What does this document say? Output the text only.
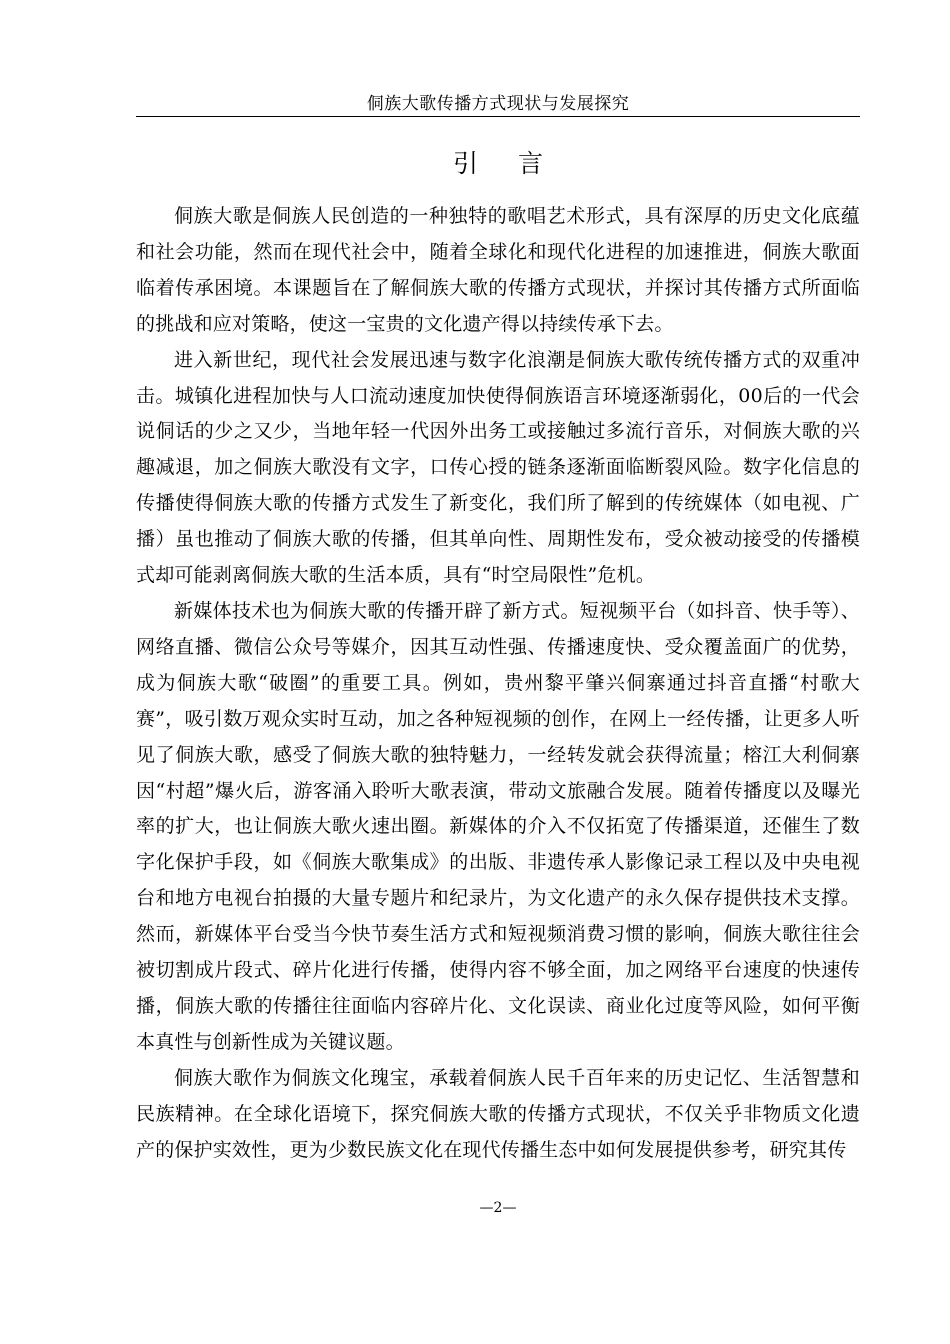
侗族大歌传播方式现状与发展探究
引言

侗族大歌是侗族人民创造的一种独特的歌唱艺术形式，具有深厚的历史文化底蕴和社会功能，然而在现代社会中，随着全球化和现代化进程的加速推进，侗族大歌面临着传承困境。本课题旨在了解侗族大歌的传播方式现状，并探讨其传播方式所面临的挑战和应对策略，使这一宝贵的文化遗产得以持续传承下去。

进入新世纪，现代社会发展迅速与数字化浪潮是侗族大歌传统传播方式的双重冲击。城镇化进程加快与人口流动速度加快使得侗族语言环境逐渐弱化，00后的一代会说侗话的少之又少，当地年轻一代因外出务工或接触过多流行音乐，对侗族大歌的兴趣减退，加之侗族大歌没有文字，口传心授的链条逐渐面临断裂风险。数字化信息的传播使得侗族大歌的传播方式发生了新变化，我们所了解到的传统媒体（如电视、广播）虽也推动了侗族大歌的传播，但其单向性、周期性发布，受众被动接受的传播模式却可能剥离侗族大歌的生活本质，具有“时空局限性”危机。

新媒体技术也为侗族大歌的传播开辟了新方式。短视频平台（如抖音、快手等）、网络直播、微信公众号等媒介，因其互动性强、传播速度快、受众覆盖面广的优势，成为侗族大歌“破圈”的重要工具。例如，贵州黎平肇兴侗寨通过抖音直播“村歌大赛”，吸引数万观众实时互动，加之各种短视频的创作，在网上一经传播，让更多人听见了侗族大歌，感受了侗族大歌的独特魅力，一经转发就会获得流量；榕江大利侗寨因“村超”爆火后，游客涌入聆听大歌表演，带动文旅融合发展。随着传播度以及曝光率的扩大，也让侗族大歌火速出圈。新媒体的介入不仅拓宽了传播渠道，还催生了数字化保护手段，如《侗族大歌集成》的出版、非遗传承人影像记录工程以及中央电视台和地方电视台拍摄的大量专题片和纪录片，为文化遗产的永久保存提供技术支撑。然而，新媒体平台受当今快节奏生活方式和短视频消费习惯的影响，侗族大歌往往会被切割成片段式、碎片化进行传播，使得内容不够全面，加之网络平台速度的快速传播，侗族大歌的传播往往面临内容碎片化、文化误读、商业化过度等风险，如何平衡本真性与创新性成为关键议题。

侗族大歌作为侗族文化瑰宝，承载着侗族人民千百年来的历史记忆、生活智慧和民族精神。在全球化语境下，探究侗族大歌的传播方式现状，不仅关乎非物质文化遗产的保护实效性，更为少数民族文化在现代传播生态中如何发展提供参考，研究其传

—2—
